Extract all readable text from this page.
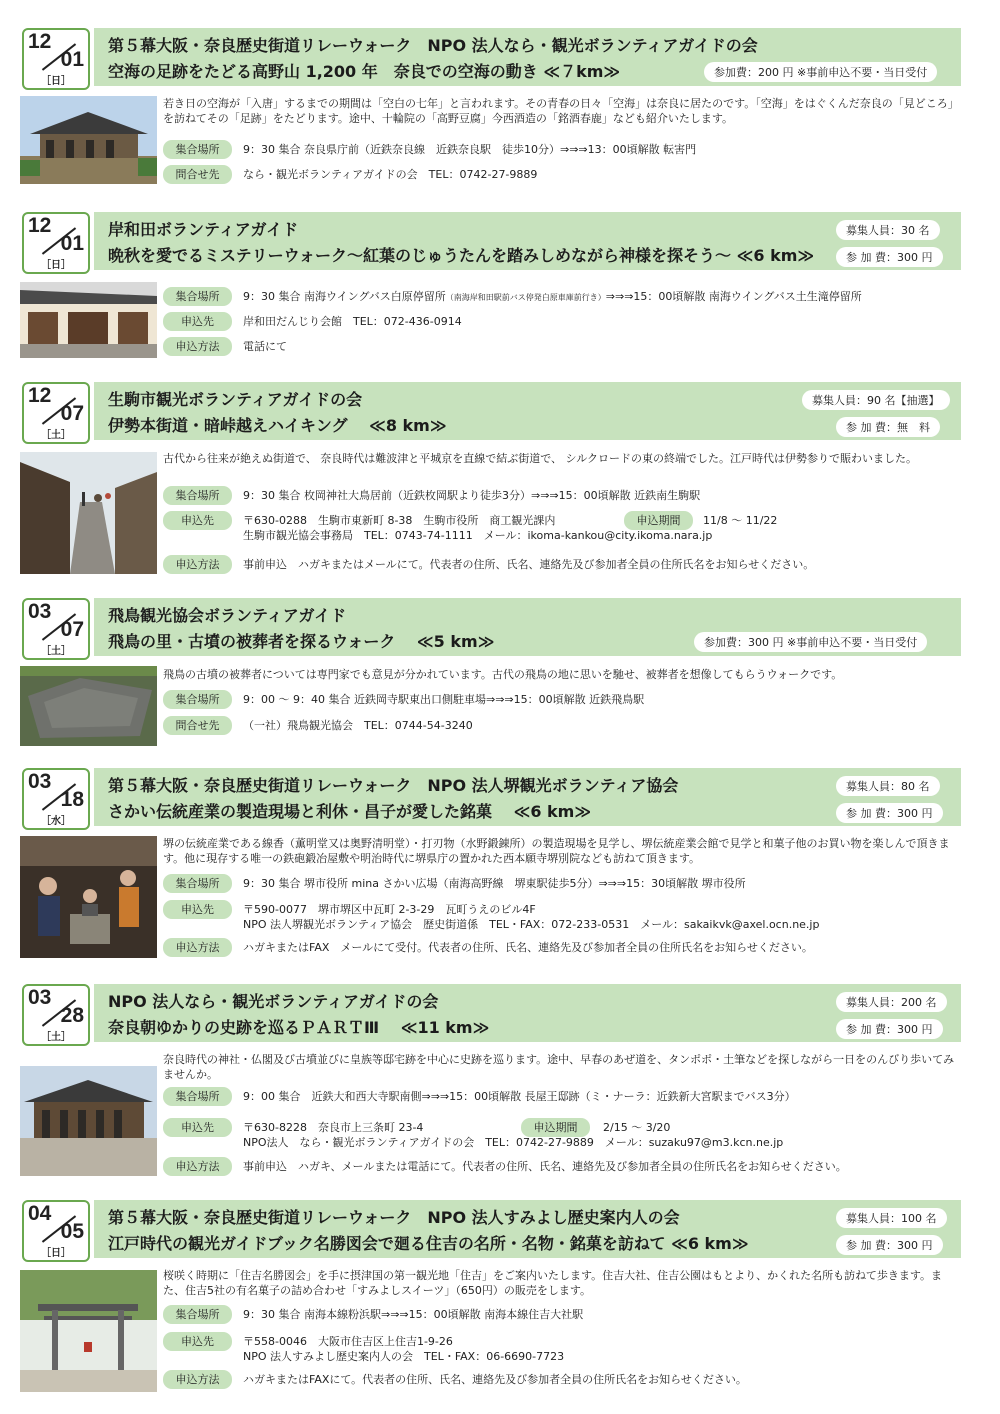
12
01
［日］
第５幕大阪・奈良歴史街道リレーウォーク　NPO 法人なら・観光ボランティアガイドの会
空海の足跡をたどる高野山 1,200 年　奈良での空海の動き ≪７km≫	参加費：200 円 ※事前申込不要・当日受付
若き日の空海が「入唐」するまでの期間は「空白の七年」と言われます。その青春の日々「空海」は奈良に居たのです。「空海」をはぐくんだ奈良の「見どころ」を訪ねてその「足跡」をたどります。途中、十輪院の「高野豆腐」今西酒造の「銘酒春鹿」なども紹介いたします。
集合場所	9：30 集合 奈良県庁前（近鉄奈良線　近鉄奈良駅　徒歩10分）⇒⇒⇒13：00頃解散 転害門
問合せ先	なら・観光ボランティアガイドの会　TEL：0742-27-9889
12
01
［日］
岸和田ボランティアガイド
晩秋を愛でるミステリーウォーク～紅葉のじゅうたんを踏みしめながら神様を探そう～ ≪6 km≫
募集人員：30 名
参 加 費：300 円
集合場所	9：30 集合 南海ウイングバス白原停留所（南海岸和田駅前バス停発白原車庫前行き）⇒⇒⇒15：00頃解散 南海ウイングバス土生滝停留所
申込先	岸和田だんじり会館　TEL：072-436-0914
申込方法	電話にて
12
07
［土］
生駒市観光ボランティアガイドの会
伊勢本街道・暗峠越えハイキング　 ≪8 km≫
募集人員：90 名【抽選】
参 加 費：無　料
古代から往来が絶えぬ街道で、 奈良時代は難波津と平城京を直線で結ぶ街道で、 シルクロードの東の終端でした。江戸時代は伊勢参りで賑わいました。
集合場所	9：30 集合 枚岡神社大鳥居前（近鉄枚岡駅より徒歩3分）⇒⇒⇒15：00頃解散 近鉄南生駒駅
申込先	〒630-0288　生駒市東新町 8-38　生駒市役所　商工観光課内	申込期間	11/8 ～ 11/22
生駒市観光協会事務局　TEL：0743-74-1111　メール：ikoma-kankou@city.ikoma.nara.jp
申込方法	事前申込　ハガキまたはメールにて。代表者の住所、氏名、連絡先及び参加者全員の住所氏名をお知らせください。
03
07
［土］
飛鳥観光協会ボランティアガイド
飛鳥の里・古墳の被葬者を探るウォーク　 ≪5 km≫	参加費：300 円 ※事前申込不要・当日受付
飛鳥の古墳の被葬者については専門家でも意見が分かれています。古代の飛鳥の地に思いを馳せ、被葬者を想像してもらうウォークです。
集合場所	9：00 ～ 9：40 集合 近鉄岡寺駅東出口側駐車場⇒⇒⇒15：00頃解散 近鉄飛鳥駅
問合せ先	（一社）飛鳥観光協会　TEL：0744-54-3240
03
18
［水］
第５幕大阪・奈良歴史街道リレーウォーク　NPO 法人堺観光ボランティア協会
さかい伝統産業の製造現場と利休・昌子が愛した銘菓　 ≪6 km≫
募集人員：80 名
参 加 費：300 円
堺の伝統産業である線香（薫明堂又は奥野清明堂）・打刃物（水野鍛錬所）の製造現場を見学し、堺伝統産業会館で見学と和菓子他のお買い物を楽しんで頂きます。他に現存する唯一の鉄砲鍛冶屋敷や明治時代に堺県庁の置かれた西本願寺堺別院なども訪ねて頂きます。
集合場所	9：30 集合 堺市役所 mina さかい広場（南海高野線　堺東駅徒歩5分）⇒⇒⇒15：30頃解散 堺市役所
申込先	〒590-0077　堺市堺区中瓦町 2-3-29　瓦町うえのビル4F
NPO 法人堺観光ボランティア協会　歴史街道係　TEL・FAX：072-233-0531　メール：sakaikvk@axel.ocn.ne.jp
申込方法	ハガキまたはFAX　メールにて受付。代表者の住所、氏名、連絡先及び参加者全員の住所氏名をお知らせください。
03
28
［土］
NPO 法人なら・観光ボランティアガイドの会
奈良朝ゆかりの史跡を巡るＰＡＲＴⅢ　 ≪11 km≫
募集人員：200 名
参 加 費：300 円
奈良時代の神社・仏閣及び古墳並びに皇族等邸宅跡を中心に史跡を巡ります。途中、早春のあぜ道を、タンポポ・土筆などを探しながら一日をのんびり歩いてみませんか。
集合場所	9：00 集合　近鉄大和西大寺駅南側⇒⇒⇒15：00頃解散 長屋王邸跡（ミ・ナーラ：近鉄新大宮駅までバス3分）
申込先	〒630-8228　奈良市上三条町 23-4	申込期間	2/15 ～ 3/20
NPO法人　なら・観光ボランティアガイドの会　TEL：0742-27-9889　メール：suzaku97@m3.kcn.ne.jp
申込方法	事前申込　ハガキ、メールまたは電話にて。代表者の住所、氏名、連絡先及び参加者全員の住所氏名をお知らせください。
04
05
［日］
第５幕大阪・奈良歴史街道リレーウォーク　NPO 法人すみよし歴史案内人の会
江戸時代の観光ガイドブック名勝図会で廻る住吉の名所・名物・銘菓を訪ねて ≪6 km≫
募集人員：100 名
参 加 費：300 円
桜咲く時期に「住吉名勝図会」を手に摂津国の第一観光地「住吉」をご案内いたします。住吉大社、住吉公園はもとより、かくれた名所も訪ねて歩きます。また、住吉5社の有名菓子の詰め合わせ「すみよしスイーツ」（650円）の販売をします。
集合場所	9：30 集合 南海本線粉浜駅⇒⇒⇒15：00頃解散 南海本線住吉大社駅
申込先	〒558-0046　大阪市住吉区上住吉1-9-26
NPO 法人すみよし歴史案内人の会　TEL・FAX：06-6690-7723
申込方法	ハガキまたはFAXにて。代表者の住所、氏名、連絡先及び参加者全員の住所氏名をお知らせください。
